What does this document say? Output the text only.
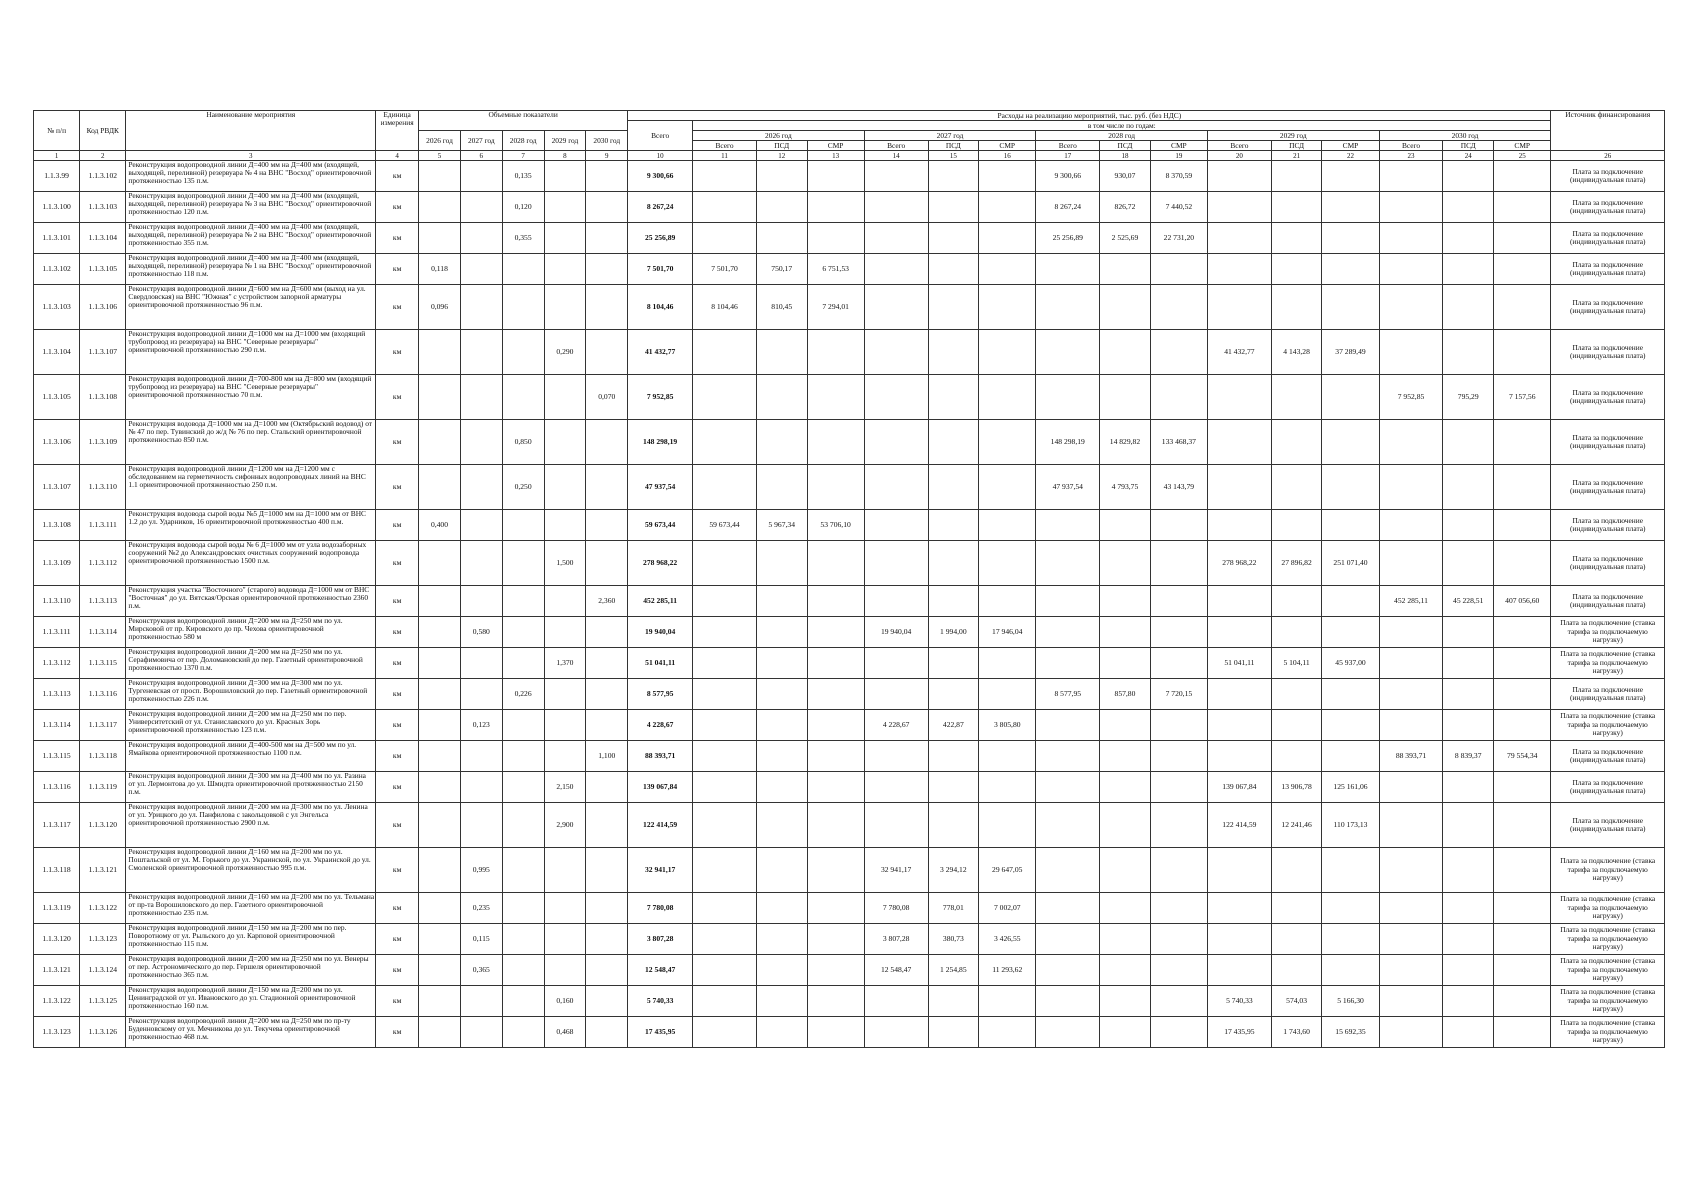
№ п/п	Код РВДК	Наименование мероприятия	Единица измерения	Объемные показатели					Расходы на реализацию мероприятий, тыс. руб. (без НДС)																Источник финансирования
									Всего	в том числе по годам:															
				2026 год	2027 год	2028 год	2029 год	2030 год		2026 год			2027 год			2028 год			2029 год			2030 год			
										Всего	ПСД	СМР	Всего	ПСД	СМР	Всего	ПСД	СМР	Всего	ПСД	СМР	Всего	ПСД	СМР	
1	2	3	4	5	6	7	8	9	10	11	12	13	14	15	16	17	18	19	20	21	22	23	24	25	26
1.1.3.99	1.1.3.102	Реконструкция водопроводной линии Д=400 мм на Д=400 мм (входящей, выходящей, переливной) резервуара № 4 на ВНС "Восход" ориентировочной протяженностью 135 п.м.	км			0,135			9 300,66							9 300,66	930,07	8 370,59							Плата за подключение (индивидуальная плата)
1.1.3.100	1.1.3.103	Реконструкция водопроводной линии Д=400 мм на Д=400 мм (входящей, выходящей, переливной) резервуара № 3 на ВНС "Восход" ориентировочной протяженностью 120 п.м.	км			0,120			8 267,24							8 267,24	826,72	7 440,52							Плата за подключение (индивидуальная плата)
1.1.3.101	1.1.3.104	Реконструкция водопроводной линии Д=400 мм на Д=400 мм (входящей, выходящей, переливной) резервуара № 2 на ВНС "Восход" ориентировочной протяженностью 355 п.м.	км			0,355			25 256,89							25 256,89	2 525,69	22 731,20							Плата за подключение (индивидуальная плата)
1.1.3.102	1.1.3.105	Реконструкция водопроводной линии Д=400 мм на Д=400 мм (входящей, выходящей, переливной) резервуара № 1 на ВНС "Восход" ориентировочной протяженностью 118 п.м.	км	0,118					7 501,70	7 501,70	750,17	6 751,53													Плата за подключение (индивидуальная плата)
1.1.3.103	1.1.3.106	Реконструкция водопроводной линии Д=600 мм на Д=600 мм (выход на ул. Свердловская) на ВНС "Южная" с устройством запорной арматуры ориентировочной протяженностью 96 п.м.	км	0,096					8 104,46	8 104,46	810,45	7 294,01													Плата за подключение (индивидуальная плата)
1.1.3.104	1.1.3.107	Реконструкция водопроводной линии Д=1000 мм на Д=1000 мм (входящий трубопровод из резервуара) на ВНС "Северные резервуары" ориентировочной протяженностью 290 п.м.	км				0,290		41 432,77										41 432,77	4 143,28	37 289,49				Плата за подключение (индивидуальная плата)
1.1.3.105	1.1.3.108	Реконструкция водопроводной линии Д=700-800 мм на Д=800 мм (входящий трубопровод из резервуара) на ВНС "Северные резервуары" ориентировочной протяженностью 70 п.м.	км					0,070	7 952,85													7 952,85	795,29	7 157,56	Плата за подключение (индивидуальная плата)
1.1.3.106	1.1.3.109	Реконструкция водовода Д=1000 мм на Д=1000 мм (Октябрьский водовод) от № 47 по пер. Тувинский до ж/д № 76 по пер. Стальский ориентировочной протяженностью 850 п.м.	км			0,850			148 298,19							148 298,19	14 829,82	133 468,37							Плата за подключение (индивидуальная плата)
1.1.3.107	1.1.3.110	Реконструкция водопроводной линии Д=1200 мм на Д=1200 мм с обследованием на герметичность сифонных водопроводных линий на ВНС 1.1 ориентировочной протяженностью 250 п.м.	км			0,250			47 937,54							47 937,54	4 793,75	43 143,79							Плата за подключение (индивидуальная плата)
1.1.3.108	1.1.3.111	Реконструкция водовода сырой воды №5 Д=1000 мм на Д=1000 мм от ВНС 1.2 до ул. Ударников, 16 ориентировочной протяженностью 400 п.м.	км	0,400					59 673,44	59 673,44	5 967,34	53 706,10													Плата за подключение (индивидуальная плата)
1.1.3.109	1.1.3.112	Реконструкция водовода сырой воды № 6 Д=1000 мм от узла водозаборных сооружений №2 до Александровских очистных сооружений водопровода ориентировочной протяженностью 1500 п.м.	км				1,500		278 968,22										278 968,22	27 896,82	251 071,40				Плата за подключение (индивидуальная плата)
1.1.3.110	1.1.3.113	Реконструкция участка "Восточного" (старого) водовода Д=1000 мм от ВНС "Восточная" до ул. Вятская/Орская ориентировочной протяженностью 2360 п.м.	км					2,360	452 285,11													452 285,11	45 228,51	407 056,60	Плата за подключение (индивидуальная плата)
1.1.3.111	1.1.3.114	Реконструкция водопроводной линии Д=200 мм на Д=250 мм по ул. Мирсковой от пр. Кировского до пр. Чехова ориентировочной протяженностью 580 м	км		0,580				19 940,04				19 940,04	1 994,00	17 946,04										Плата за подключение (ставка тарифа за подключаемую нагрузку)
1.1.3.112	1.1.3.115	Реконструкция водопроводной линии Д=200 мм на Д=250 мм по ул. Серафимовича от пер. Доломановский до пер. Газетный ориентировочной протяженностью 1370 п.м.	км				1,370		51 041,11										51 041,11	5 104,11	45 937,00				Плата за подключение (ставка тарифа за подключаемую нагрузку)
1.1.3.113	1.1.3.116	Реконструкция водопроводной линии Д=300 мм на Д=300 мм по ул. Тургеневская от просп. Ворошиловский до пер. Газетный ориентировочной протяженностью 226 п.м.	км			0,226			8 577,95							8 577,95	857,80	7 720,15							Плата за подключение (индивидуальная плата)
1.1.3.114	1.1.3.117	Реконструкция водопроводной линии Д=200 мм на Д=250 мм по пер. Университетский от ул. Станиславского до ул. Красных Зорь ориентировочной протяженностью 123 п.м.	км		0,123				4 228,67				4 228,67	422,87	3 805,80										Плата за подключение (ставка тарифа за подключаемую нагрузку)
1.1.3.115	1.1.3.118	Реконструкция водопроводной линии Д=400-500 мм на Д=500 мм по ул. Ямайкова ориентировочной протяженностью 1100 п.м.	км					1,100	88 393,71													88 393,71	8 839,37	79 554,34	Плата за подключение (индивидуальная плата)
1.1.3.116	1.1.3.119	Реконструкция водопроводной линии Д=300 мм на Д=400 мм по ул. Разина от ул. Лермонтова до ул. Шмидта ориентировочной протяженностью 2150 п.м.	км				2,150		139 067,84										139 067,84	13 906,78	125 161,06				Плата за подключение (индивидуальная плата)
1.1.3.117	1.1.3.120	Реконструкция водопроводной линии Д=200 мм на Д=300 мм по ул. Ленина от ул. Урицкого до ул. Панфилова с закольцовкой с ул Энгельса ориентировочной протяженностью 2900 п.м.	км				2,900		122 414,59										122 414,59	12 241,46	110 173,13				Плата за подключение (индивидуальная плата)
1.1.3.118	1.1.3.121	Реконструкция водопроводной линии Д=160 мм на Д=200 мм по ул. Поштальской от ул. М. Горького до ул. Украинской, по ул. Украинской до ул. Смоленской ориентировочной протяженностью 995 п.м.	км		0,995				32 941,17				32 941,17	3 294,12	29 647,05										Плата за подключение (ставка тарифа за подключаемую нагрузку)
1.1.3.119	1.1.3.122	Реконструкция водопроводной линии Д=160 мм на Д=200 мм по ул. Тельмана от пр-та Ворошиловского до пер. Газетного ориентировочной протяженностью 235 п.м.	км		0,235				7 780,08				7 780,08	778,01	7 002,07										Плата за подключение (ставка тарифа за подключаемую нагрузку)
1.1.3.120	1.1.3.123	Реконструкция водопроводной линии Д=150 мм на Д=200 мм по пер. Поворотному от ул. Рыльского до ул. Карповой ориентировочной протяженностью 115 п.м.	км		0,115				3 807,28				3 807,28	380,73	3 426,55										Плата за подключение (ставка тарифа за подключаемую нагрузку)
1.1.3.121	1.1.3.124	Реконструкция водопроводной линии Д=200 мм на Д=250 мм по ул. Венеры от пер. Астрономического до пер. Гершеля ориентировочной протяженностью 365 п.м.	км		0,365				12 548,47				12 548,47	1 254,85	11 293,62										Плата за подключение (ставка тарифа за подключаемую нагрузку)
1.1.3.122	1.1.3.125	Реконструкция водопроводной линии Д=150 мм на Д=200 мм по ул. Ценинградской от ул. Ивановского до ул. Стадионной ориентировочной протяженностью 160 п.м.	км				0,160		5 740,33										5 740,33	574,03	5 166,30				Плата за подключение (ставка тарифа за подключаемую нагрузку)
1.1.3.123	1.1.3.126	Реконструкция водопроводной линии Д=200 мм на Д=250 мм по пр-ту Буденновскому от ул. Мечникова до ул. Текучева ориентировочной протяженностью 468 п.м.	км				0,468		17 435,95										17 435,95	1 743,60	15 692,35				Плата за подключение (ставка тарифа за подключаемую нагрузку)
